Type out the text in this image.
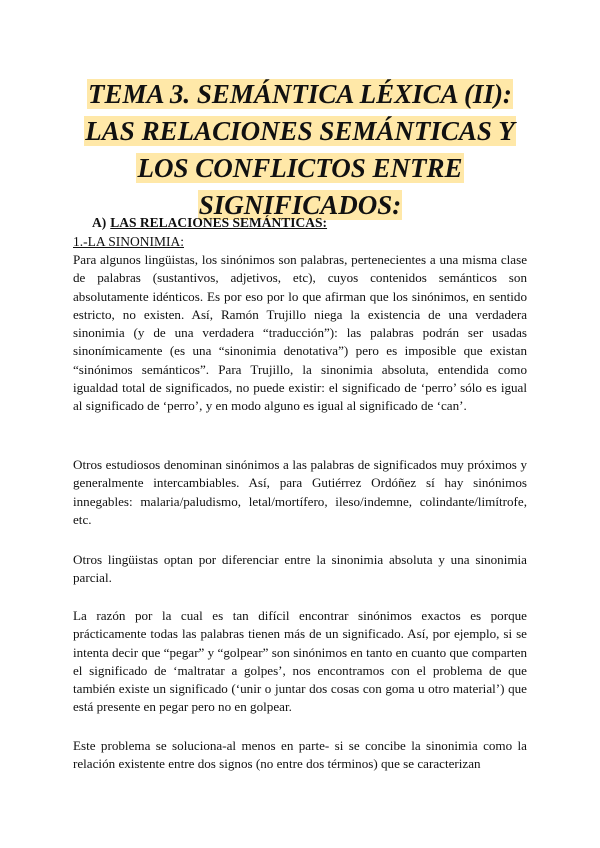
TEMA 3. SEMÁNTICA LÉXICA (II):
LAS RELACIONES SEMÁNTICAS Y
LOS CONFLICTOS ENTRE
SIGNIFICADOS:
A) LAS RELACIONES SEMÁNTICAS:
1.-LA SINONIMIA:

Para algunos lingüistas, los sinónimos son palabras, pertenecientes a una misma clase de palabras (sustantivos, adjetivos, etc), cuyos contenidos semánticos son absolutamente idénticos. Es por eso por lo que afirman que los sinónimos, en sentido estricto, no existen. Así, Ramón Trujillo niega la existencia de una verdadera sinonimia (y de una verdadera “traducción”): las palabras podrán ser usadas sinonímicamente (es una “sinonimia denotativa”) pero es imposible que existan “sinónimos semánticos”. Para Trujillo, la sinonimia absoluta, entendida como igualdad total de significados, no puede existir: el significado de ‘perro’ sólo es igual al significado de ‘perro’, y en modo alguno es igual al significado de ‘can’.

Otros estudiosos denominan sinónimos a las palabras de significados muy próximos y generalmente intercambiables. Así, para Gutiérrez Ordóñez sí hay sinónimos innegables: malaria/paludismo, letal/mortífero, ileso/indemne, colindante/limítrofe, etc.

Otros lingüistas optan por diferenciar entre la sinonimia absoluta y una sinonimia parcial.

La razón por la cual es tan difícil encontrar sinónimos exactos es porque prácticamente todas las palabras tienen más de un significado. Así, por ejemplo, si se intenta decir que “pegar” y “golpear” son sinónimos en tanto en cuanto que comparten el significado de ‘maltratar a golpes’, nos encontramos con el problema de que también existe un significado (‘unir o juntar dos cosas con goma u otro material’) que está presente en pegar pero no en golpear.

Este problema se soluciona-al menos en parte- si se concibe la sinonimia como la relación existente entre dos signos (no entre dos términos) que se caracterizan
